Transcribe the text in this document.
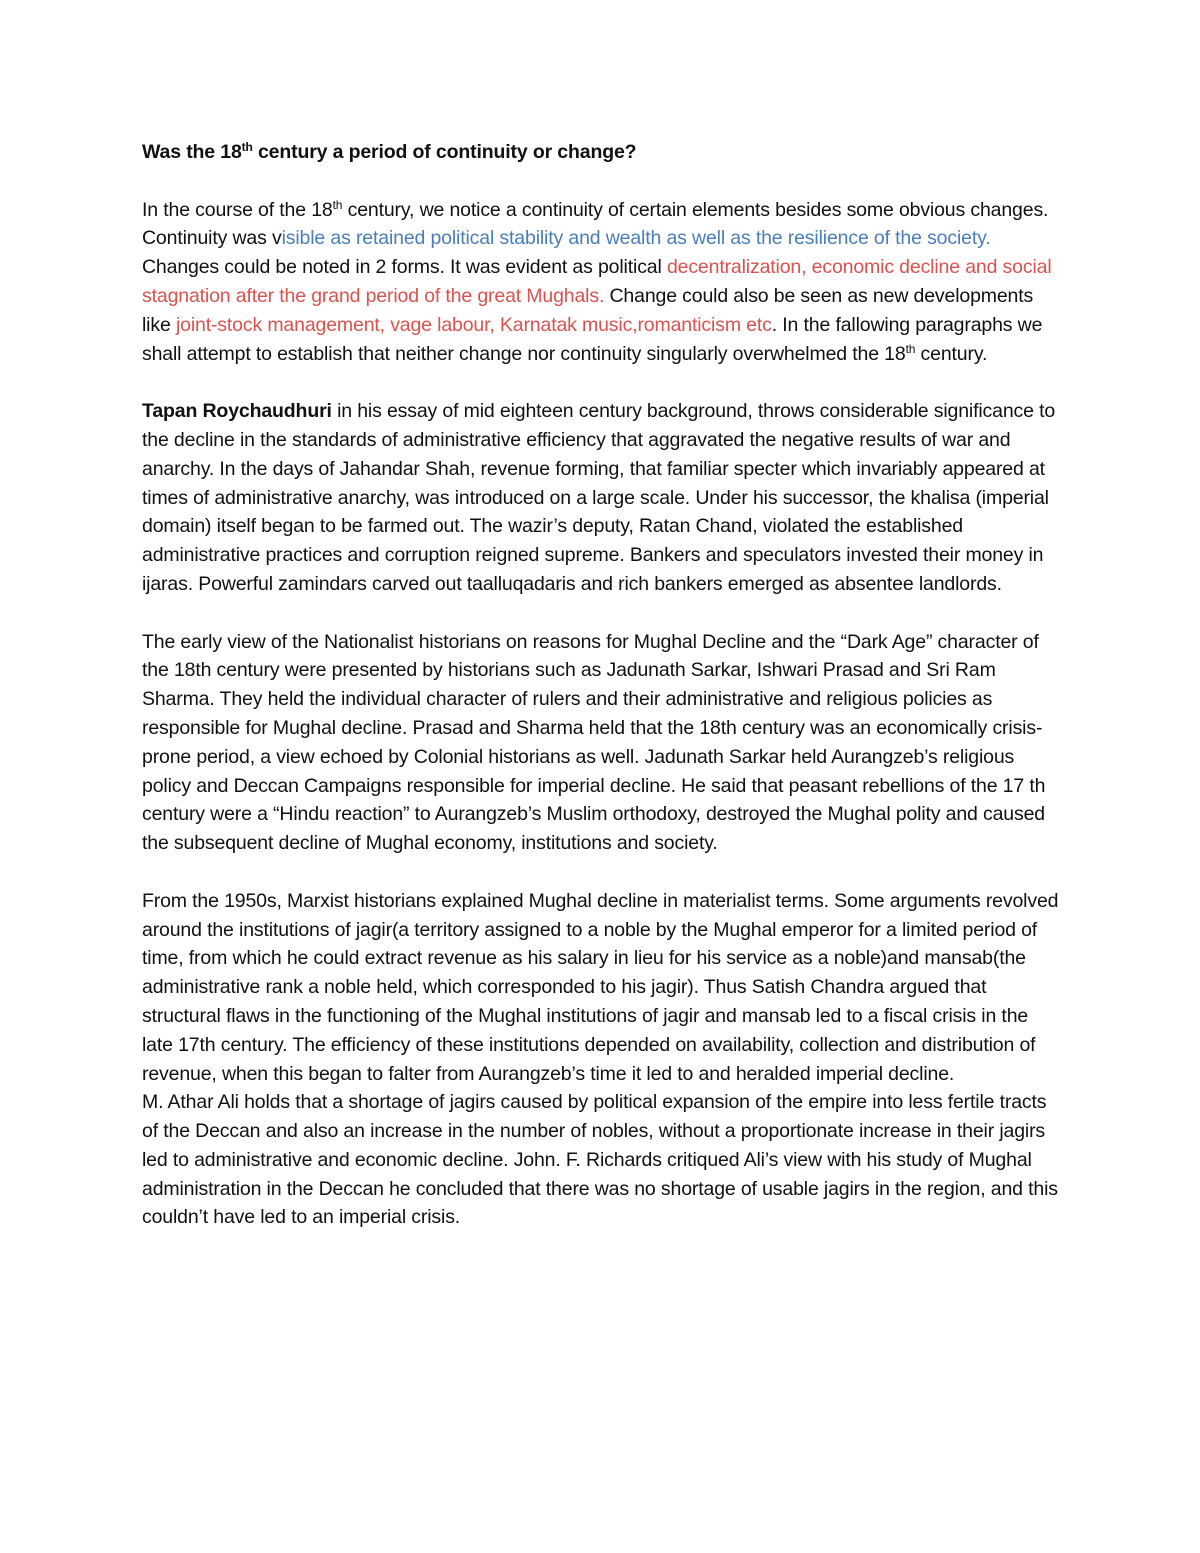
Was the 18th century a period of continuity or change?

In the course of the 18th century, we notice a continuity of certain elements besides some obvious changes. Continuity was visible as retained political stability and wealth as well as the resilience of the society. Changes could be noted in 2 forms. It was evident as political decentralization, economic decline and social stagnation after the grand period of the great Mughals. Change could also be seen as new developments like joint-stock management, vage labour, Karnatak music,romanticism etc. In the fallowing paragraphs we shall attempt to establish that neither change nor continuity singularly overwhelmed the 18th century.

Tapan Roychaudhuri in his essay of mid eighteen century background, throws considerable significance to the decline in the standards of administrative efficiency that aggravated the negative results of war and anarchy. In the days of Jahandar Shah, revenue forming, that familiar specter which invariably appeared at times of administrative anarchy, was introduced on a large scale. Under his successor, the khalisa (imperial domain) itself began to be farmed out. The wazir’s deputy, Ratan Chand, violated the established administrative practices and corruption reigned supreme. Bankers and speculators invested their money in ijaras. Powerful zamindars carved out taalluqadaris and rich bankers emerged as absentee landlords.

The early view of the Nationalist historians on reasons for Mughal Decline and the “Dark Age” character of the 18th century were presented by historians such as Jadunath Sarkar, Ishwari Prasad and Sri Ram Sharma. They held the individual character of rulers and their administrative and religious policies as responsible for Mughal decline. Prasad and Sharma held that the 18th century was an economically crisis-prone period, a view echoed by Colonial historians as well. Jadunath Sarkar held Aurangzeb’s religious policy and Deccan Campaigns responsible for imperial decline. He said that peasant rebellions of the 17 th century were a “Hindu reaction” to Aurangzeb’s Muslim orthodoxy, destroyed the Mughal polity and caused the subsequent decline of Mughal economy, institutions and society.

From the 1950s, Marxist historians explained Mughal decline in materialist terms. Some arguments revolved around the institutions of jagir(a territory assigned to a noble by the Mughal emperor for a limited period of time, from which he could extract revenue as his salary in lieu for his service as a noble)and mansab(the administrative rank a noble held, which corresponded to his jagir). Thus Satish Chandra argued that structural flaws in the functioning of the Mughal institutions of jagir and mansab led to a fiscal crisis in the late 17th century. The efficiency of these institutions depended on availability, collection and distribution of revenue, when this began to falter from Aurangzeb’s time it led to and heralded imperial decline.

M. Athar Ali holds that a shortage of jagirs caused by political expansion of the empire into less fertile tracts of the Deccan and also an increase in the number of nobles, without a proportionate increase in their jagirs led to administrative and economic decline. John. F. Richards critiqued Ali’s view with his study of Mughal administration in the Deccan he concluded that there was no shortage of usable jagirs in the region, and this couldn’t have led to an imperial crisis.
